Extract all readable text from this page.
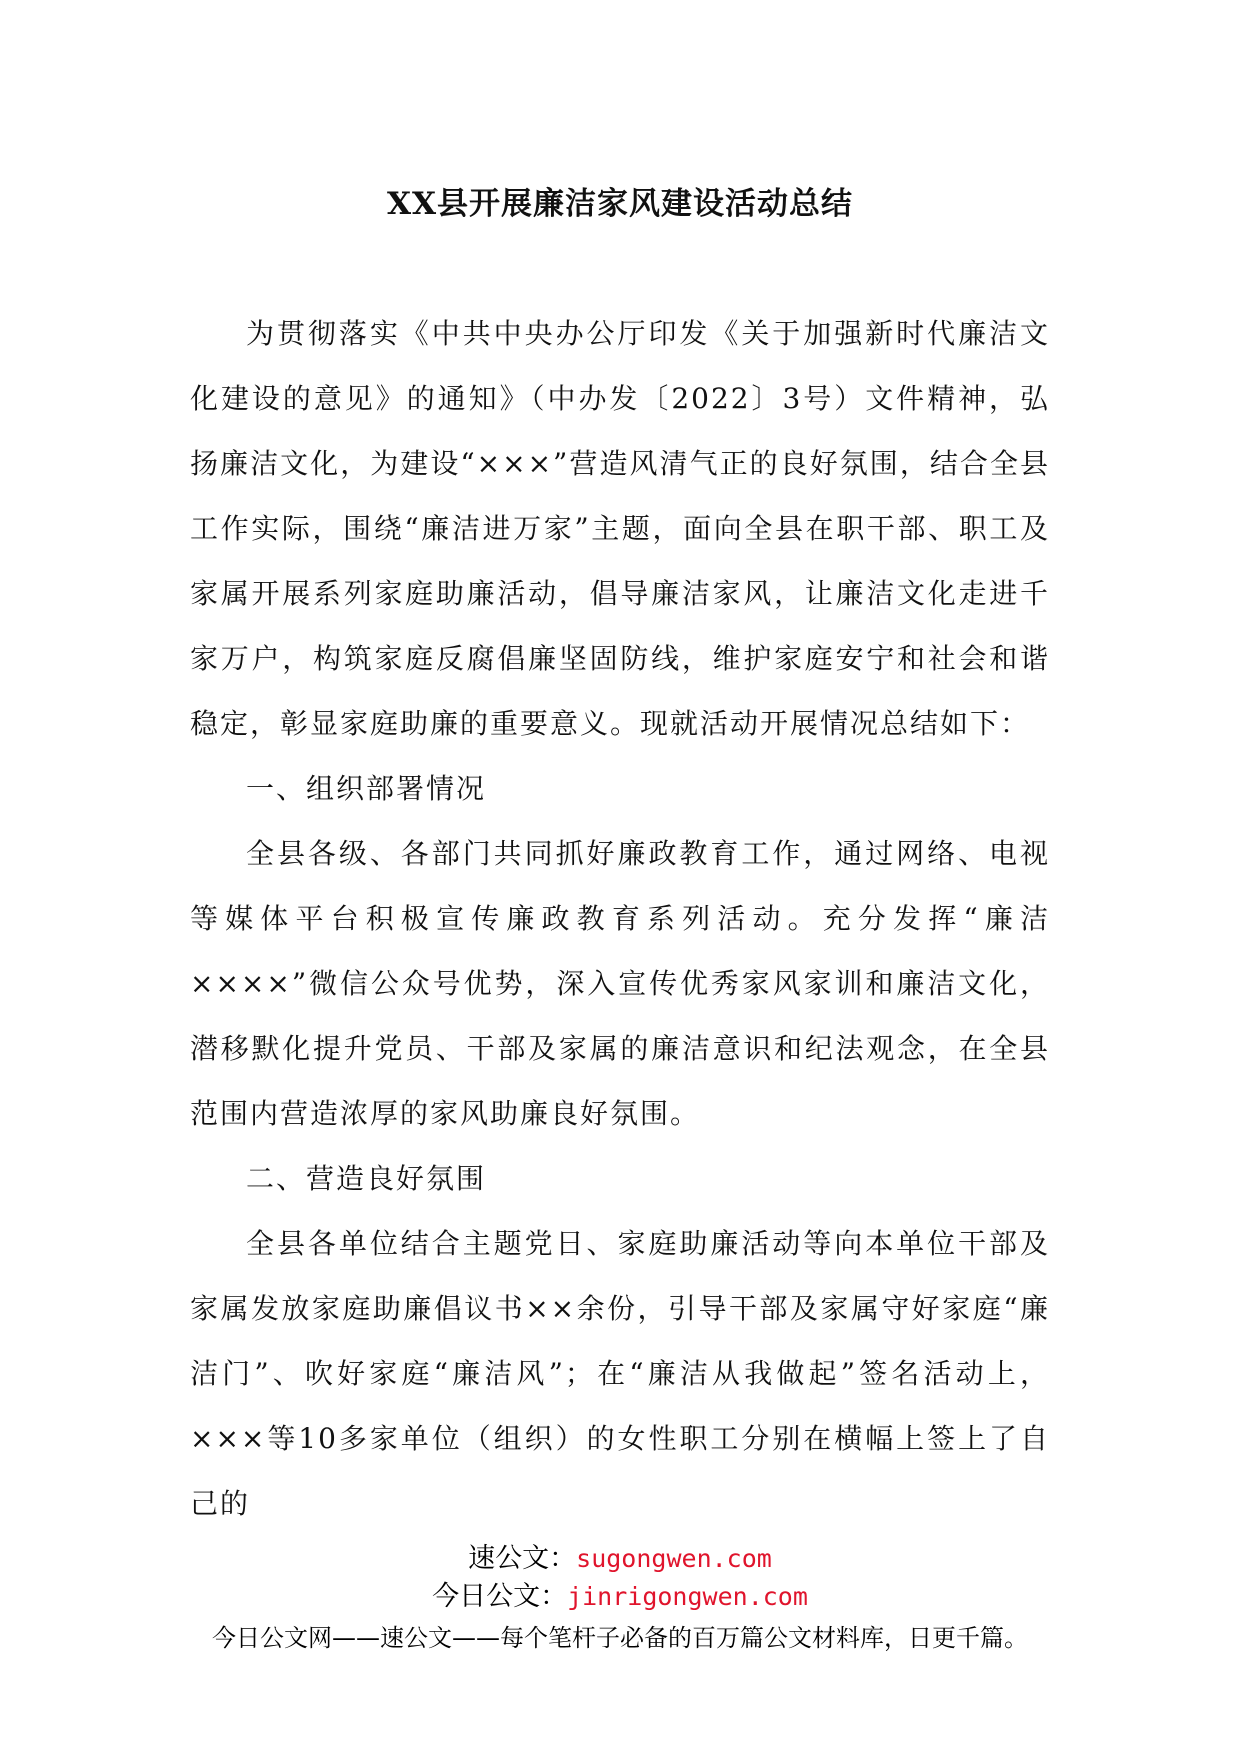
XX县开展廉洁家风建设活动总结

为贯彻落实《中共中央办公厅印发《关于加强新时代廉洁文化建设的意见》的通知》（中办发〔2022〕3号）文件精神，弘扬廉洁文化，为建设“×××”营造风清气正的良好氛围，结合全县工作实际，围绕“廉洁进万家”主题，面向全县在职干部、职工及家属开展系列家庭助廉活动，倡导廉洁家风，让廉洁文化走进千家万户，构筑家庭反腐倡廉坚固防线，维护家庭安宁和社会和谐稳定，彰显家庭助廉的重要意义。现就活动开展情况总结如下：

一、组织部署情况

全县各级、各部门共同抓好廉政教育工作，通过网络、电视等媒体平台积极宣传廉政教育系列活动。充分发挥“廉洁××××”微信公众号优势，深入宣传优秀家风家训和廉洁文化，潜移默化提升党员、干部及家属的廉洁意识和纪法观念，在全县范围内营造浓厚的家风助廉良好氛围。

二、营造良好氛围

全县各单位结合主题党日、家庭助廉活动等向本单位干部及家属发放家庭助廉倡议书××余份，引导干部及家属守好家庭“廉洁门”、吹好家庭“廉洁风”；在“廉洁从我做起”签名活动上，×××等10多家单位（组织）的女性职工分别在横幅上签上了自己的

速公文：sugongwen.com
今日公文：jinrigongwen.com
今日公文网——速公文——每个笔杆子必备的百万篇公文材料库，日更千篇。
